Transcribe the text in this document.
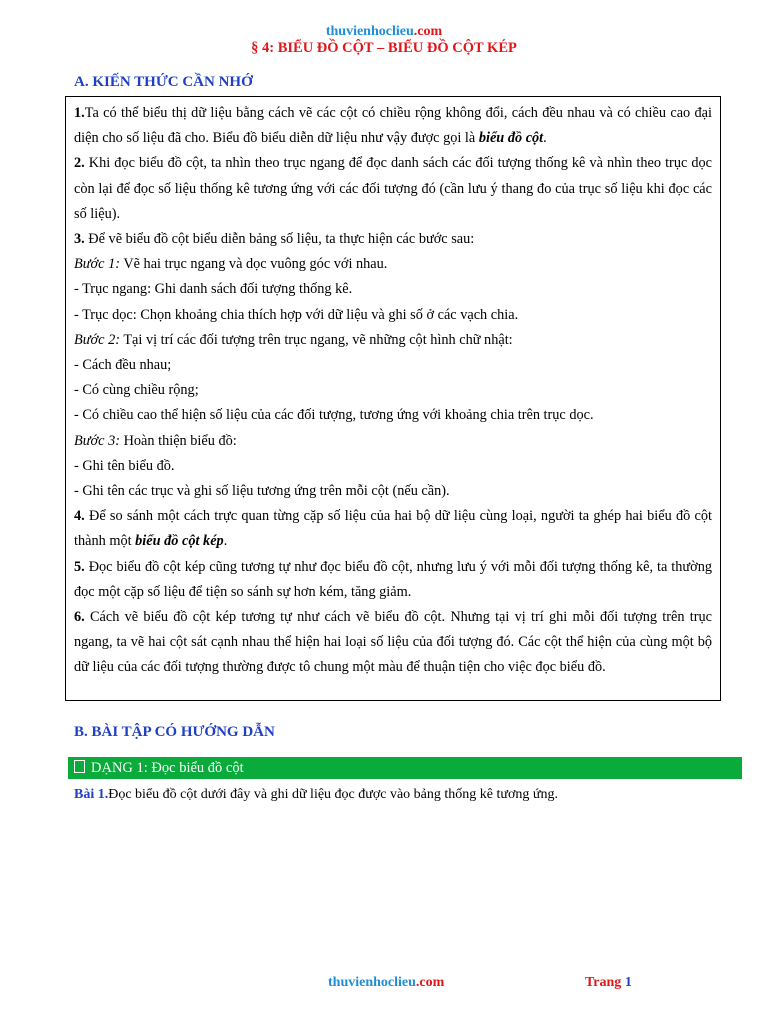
thuvienhoclieu.com
§ 4: BIỂU ĐỒ CỘT – BIỂU ĐỒ CỘT KÉP
A. KIẾN THỨC CẦN NHỚ

1.Ta có thể biểu thị dữ liệu bằng cách vẽ các cột có chiều rộng không đổi, cách đều nhau và có chiều cao đại diện cho số liệu đã cho. Biểu đồ biểu diễn dữ liệu như vậy được gọi là biểu đồ cột.

2. Khi đọc biểu đồ cột, ta nhìn theo trục ngang để đọc danh sách các đối tượng thống kê và nhìn theo trục dọc còn lại để đọc số liệu thống kê tương ứng với các đối tượng đó (cần lưu ý thang đo của trục số liệu khi đọc các số liệu).

3. Để vẽ biểu đồ cột biểu diễn bảng số liệu, ta thực hiện các bước sau:

Bước 1: Vẽ hai trục ngang và dọc vuông góc với nhau.

- Trục ngang: Ghi danh sách đối tượng thống kê.

- Trục dọc: Chọn khoảng chia thích hợp với dữ liệu và ghi số ở các vạch chia.

Bước 2: Tại vị trí các đối tượng trên trục ngang, vẽ những cột hình chữ nhật:

- Cách đều nhau;

- Có cùng chiều rộng;

- Có chiều cao thể hiện số liệu của các đối tượng, tương ứng với khoảng chia trên trục dọc.

Bước 3: Hoàn thiện biểu đồ:

- Ghi tên biểu đồ.

- Ghi tên các trục và ghi số liệu tương ứng trên mỗi cột (nếu cần).

4. Để so sánh một cách trực quan từng cặp số liệu của hai bộ dữ liệu cùng loại, người ta ghép hai biểu đồ cột thành một biểu đồ cột kép.

5. Đọc biểu đồ cột kép cũng tương tự như đọc biểu đồ cột, nhưng lưu ý với mỗi đối tượng thống kê, ta thường đọc một cặp số liệu để tiện so sánh sự hơn kém, tăng giảm.

6. Cách vẽ biểu đồ cột kép tương tự như cách vẽ biểu đồ cột. Nhưng tại vị trí ghi mỗi đối tượng trên trục ngang, ta vẽ hai cột sát cạnh nhau thể hiện hai loại số liệu của đối tượng đó. Các cột thể hiện của cùng một bộ dữ liệu của các đối tượng thường được tô chung một màu để thuận tiện cho việc đọc biểu đồ.

B. BÀI TẬP CÓ HƯỚNG DẪN
DẠNG 1: Đọc biểu đồ cột
Bài 1.Đọc biểu đồ cột dưới đây và ghi dữ liệu đọc được vào bảng thống kê tương ứng.
thuvienhoclieu.com	Trang 1
